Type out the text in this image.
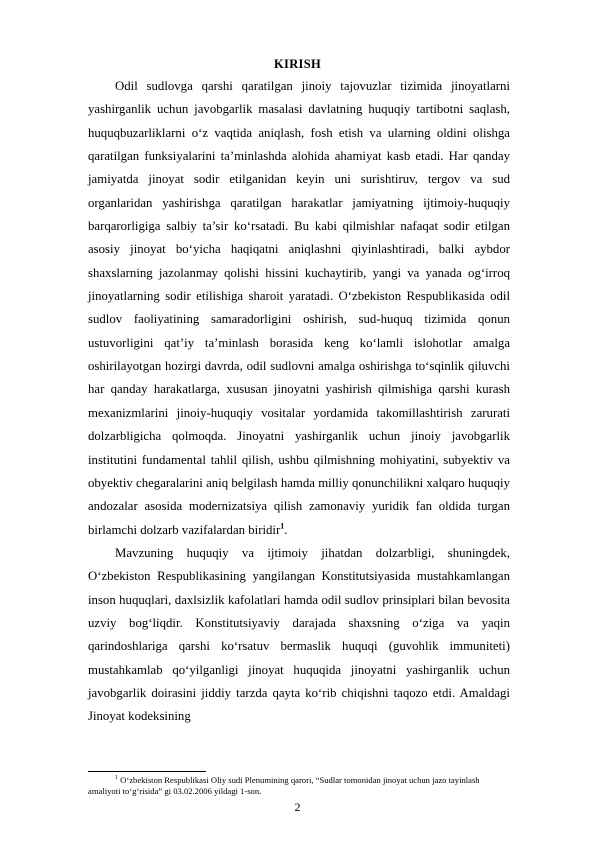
KIRISH

Odil sudlovga qarshi qaratilgan jinoiy tajovuzlar tizimida jinoyatlarni yashirganlik uchun javobgarlik masalasi davlatning huquqiy tartibotni saqlash, huquqbuzarliklarni o‘z vaqtida aniqlash, fosh etish va ularning oldini olishga qaratilgan funksiyalarini ta’minlashda alohida ahamiyat kasb etadi. Har qanday jamiyatda jinoyat sodir etilganidan keyin uni surishtiruv, tergov va sud organlaridan yashirishga qaratilgan harakatlar jamiyatning ijtimoiy-huquqiy barqarorligiga salbiy ta’sir ko‘rsatadi. Bu kabi qilmishlar nafaqat sodir etilgan asosiy jinoyat bo‘yicha haqiqatni aniqlashni qiyinlashtiradi, balki aybdor shaxslarning jazolanmay qolishi hissini kuchaytirib, yangi va yanada og‘irroq jinoyatlarning sodir etilishiga sharoit yaratadi. O‘zbekiston Respublikasida odil sudlov faoliyatining samaradorligini oshirish, sud-huquq tizimida qonun ustuvorligini qat’iy ta’minlash borasida keng ko‘lamli islohotlar amalga oshirilayotgan hozirgi davrda, odil sudlovni amalga oshirishga to‘sqinlik qiluvchi har qanday harakatlarga, xususan jinoyatni yashirish qilmishiga qarshi kurash mexanizmlarini jinoiy-huquqiy vositalar yordamida takomillashtirish zarurati dolzarbligicha qolmoqda. Jinoyatni yashirganlik uchun jinoiy javobgarlik institutini fundamental tahlil qilish, ushbu qilmishning mohiyatini, subyektiv va obyektiv chegaralarini aniq belgilash hamda milliy qonunchilikni xalqaro huquqiy andozalar asosida modernizatsiya qilish zamonaviy yuridik fan oldida turgan birlamchi dolzarb vazifalardan biridir$^1$.

Mavzuning huquqiy va ijtimoiy jihatdan dolzarbligi, shuningdek, O‘zbekiston Respublikasining yangilangan Konstitutsiyasida mustahkamlangan inson huquqlari, daxlsizlik kafolatlari hamda odil sudlov prinsiplari bilan bevosita uzviy bog‘liqdir. Konstitutsiyaviy darajada shaxsning o‘ziga va yaqin qarindoshlariga qarshi ko‘rsatuv bermaslik huquqi (guvohlik immuniteti) mustahkamlab qo‘yilganligi jinoyat huquqida jinoyatni yashirganlik uchun javobgarlik doirasini jiddiy tarzda qayta ko‘rib chiqishni taqozo etdi. Amaldagi Jinoyat kodeksining

$^1$ O‘zbekiston Respublikasi Oliy sudi Plenumining qarori, “Sudlar tomonidan jinoyat uchun jazo tayinlash amaliyoti to‘g‘risida” gi 03.02.2006 yildagi 1-son.
2
